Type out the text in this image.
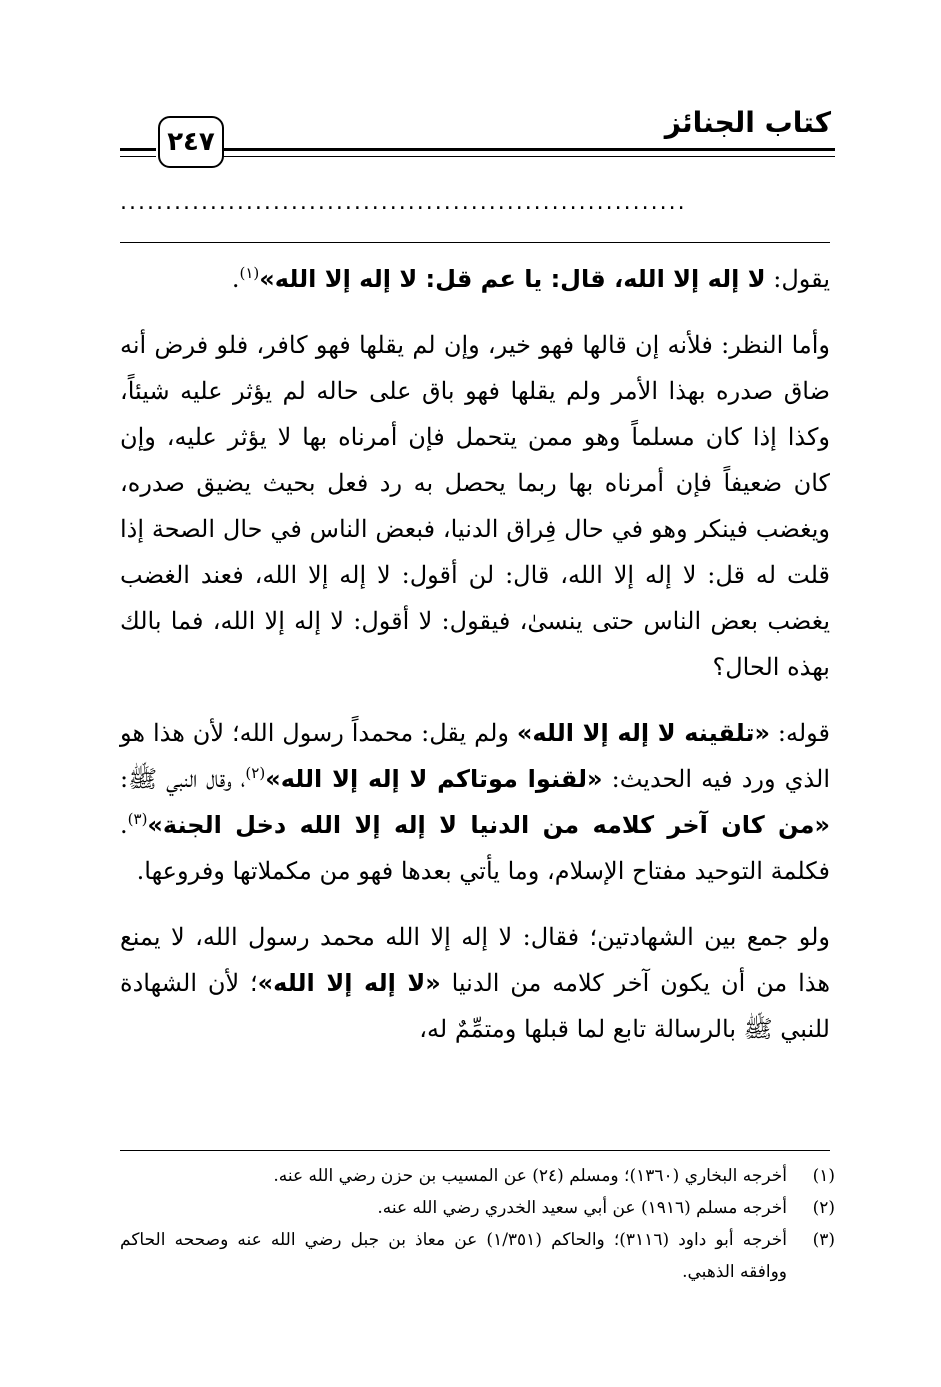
كتاب الجنائز
٢٤٧
...............................................................

يقول: لا إله إلا الله، قال: يا عم قل: لا إله إلا الله»$^{(١)}$.

وأما النظر: فلأنه إن قالها فهو خير، وإن لم يقلها فهو كافر، فلو فرض أنه ضاق صدره بهذا الأمر ولم يقلها فهو باق على حاله لم يؤثر عليه شيئاً، وكذا إذا كان مسلماً وهو ممن يتحمل فإن أمرناه بها لا يؤثر عليه، وإن كان ضعيفاً فإن أمرناه بها ربما يحصل به رد فعل بحيث يضيق صدره، ويغضب فينكر وهو في حال فِراق الدنيا، فبعض الناس في حال الصحة إذا قلت له قل: لا إله إلا الله، قال: لن أقول: لا إله إلا الله، فعند الغضب يغضب بعض الناس حتى ينسىٰ، فيقول: لا أقول: لا إله إلا الله، فما بالك بهذه الحال؟

قوله: «تلقينه لا إله إلا الله» ولم يقل: محمداً رسول الله؛ لأن هذا هو الذي ورد فيه الحديث: «لقنوا موتاكم لا إله إلا الله»$^{(٢)}$، وقال النبي ﷺ: «من كان آخر كلامه من الدنيا لا إله إلا الله دخل الجنة»$^{(٣)}$. فكلمة التوحيد مفتاح الإسلام، وما يأتي بعدها فهو من مكملاتها وفروعها.

ولو جمع بين الشهادتين؛ فقال: لا إله إلا الله محمد رسول الله، لا يمنع هذا من أن يكون آخر كلامه من الدنيا «لا إله إلا الله»؛ لأن الشهادة للنبي ﷺ بالرسالة تابع لما قبلها ومتمِّمٌ له،

(١)
أخرجه البخاري (١٣٦٠)؛ ومسلم (٢٤) عن المسيب بن حزن رضي الله عنه.
(٢)
أخرجه مسلم (١٩١٦) عن أبي سعيد الخدري رضي الله عنه.
(٣)
أخرجه أبو داود (٣١١٦)؛ والحاكم (١/٣٥١) عن معاذ بن جبل رضي الله عنه وصححه الحاكم ووافقه الذهبي.
